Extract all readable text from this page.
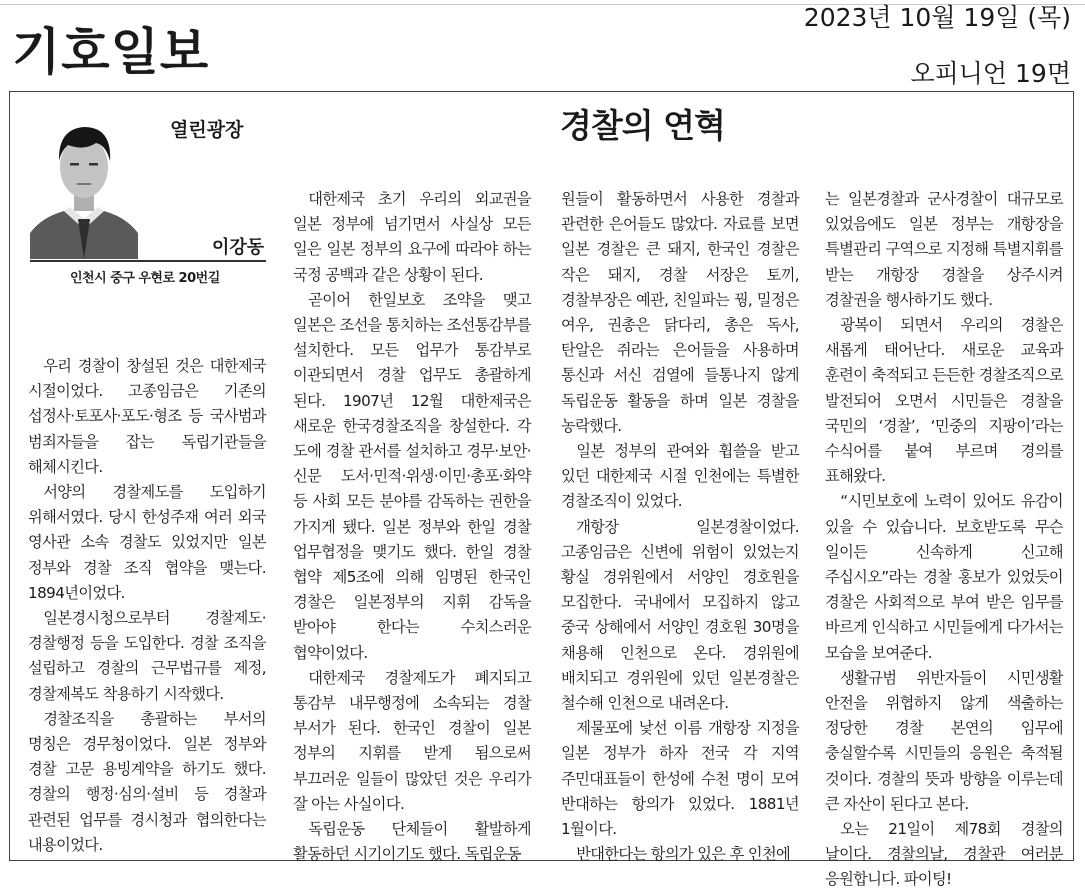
기호일보
2023년 10월 19일 (목)
오피니언 19면
열린광장
이강동
인천시 중구 우현로 20번길
경찰의 연혁

우리 경찰이 창설된 것은 대한제국 시절이었다. 고종임금은 기존의 섭정사·토포사·포도·형조 등 국사범과 범죄자들을 잡는 독립기관들을 해체시킨다.

서양의 경찰제도를 도입하기 위해서였다. 당시 한성주재 여러 외국 영사관 소속 경찰도 있었지만 일본 정부와 경찰 조직 협약을 맺는다. 1894년이었다.

일본경시청으로부터 경찰제도·경찰행정 등을 도입한다. 경찰 조직을 설립하고 경찰의 근무법규를 제정, 경찰제복도 착용하기 시작했다.

경찰조직을 총괄하는 부서의 명칭은 경무청이었다. 일본 정부와 경찰 고문 용빙계약을 하기도 했다. 경찰의 행정·심의·설비 등 경찰과 관련된 업무를 경시청과 협의한다는 내용이었다.

대한제국 초기 우리의 외교권을 일본 정부에 넘기면서 사실상 모든 일은 일본 정부의 요구에 따라야 하는 국정 공백과 같은 상황이 된다.

곧이어 한일보호 조약을 맺고 일본은 조선을 통치하는 조선통감부를 설치한다. 모든 업무가 통감부로 이관되면서 경찰 업무도 총괄하게 된다. 1907년 12월 대한제국은 새로운 한국경찰조직을 창설한다. 각 도에 경찰 관서를 설치하고 경무·보안·신문 도서·민적·위생·이민·총포·화약 등 사회 모든 분야를 감독하는 권한을 가지게 됐다. 일본 정부와 한일 경찰 업무협정을 맺기도 했다. 한일 경찰 협약 제5조에 의해 임명된 한국인 경찰은 일본정부의 지휘 감독을 받아야 한다는 수치스러운 협약이었다.

대한제국 경찰제도가 폐지되고 통감부 내무행정에 소속되는 경찰 부서가 된다. 한국인 경찰이 일본 정부의 지휘를 받게 됨으로써 부끄러운 일들이 많았던 것은 우리가 잘 아는 사실이다.

독립운동 단체들이 활발하게 활동하던 시기이기도 했다. 독립운동

원들이 활동하면서 사용한 경찰과 관련한 은어들도 많았다. 자료를 보면 일본 경찰은 큰 돼지, 한국인 경찰은 작은 돼지, 경찰 서장은 토끼, 경찰부장은 예관, 친일파는 꿩, 밀정은 여우, 권총은 닭다리, 총은 독사, 탄알은 쥐라는 은어들을 사용하며 통신과 서신 검열에 들통나지 않게 독립운동 활동을 하며 일본 경찰을 농락했다.

일본 정부의 관여와 휩쓸을 받고 있던 대한제국 시절 인천에는 특별한 경찰조직이 있었다.

개항장 일본경찰이었다. 고종임금은 신변에 위험이 있었는지 황실 경위원에서 서양인 경호원을 모집한다. 국내에서 모집하지 않고 중국 상해에서 서양인 경호원 30명을 채용해 인천으로 온다. 경위원에 배치되고 경위원에 있던 일본경찰은 철수해 인천으로 내려온다.

제물포에 낯선 이름 개항장 지정을 일본 정부가 하자 전국 각 지역 주민대표들이 한성에 수천 명이 모여 반대하는 항의가 있었다. 1881년 1월이다.

반대한다는 항의가 있은 후 인천에

는 일본경찰과 군사경찰이 대규모로 있었음에도 일본 정부는 개항장을 특별관리 구역으로 지정해 특별지휘를 받는 개항장 경찰을 상주시켜 경찰권을 행사하기도 했다.

광복이 되면서 우리의 경찰은 새롭게 태어난다. 새로운 교육과 훈련이 축적되고 든든한 경찰조직으로 발전되어 오면서 시민들은 경찰을 국민의 ‘경찰’, ‘민중의 지팡이’라는 수식어를 붙여 부르며 경의를 표해왔다.

“시민보호에 노력이 있어도 유감이 있을 수 있습니다. 보호받도록 무슨 일이든 신속하게 신고해 주십시오”라는 경찰 홍보가 있었듯이 경찰은 사회적으로 부여 받은 임무를 바르게 인식하고 시민들에게 다가서는 모습을 보여준다.

생활규범 위반자들이 시민생활 안전을 위협하지 않게 색출하는 정당한 경찰 본연의 임무에 충실할수록 시민들의 응원은 축적될 것이다. 경찰의 뜻과 방향을 이루는데 큰 자산이 된다고 본다.

오는 21일이 제78회 경찰의 날이다. 경찰의날, 경찰관 여러분 응원합니다. 파이팅!
